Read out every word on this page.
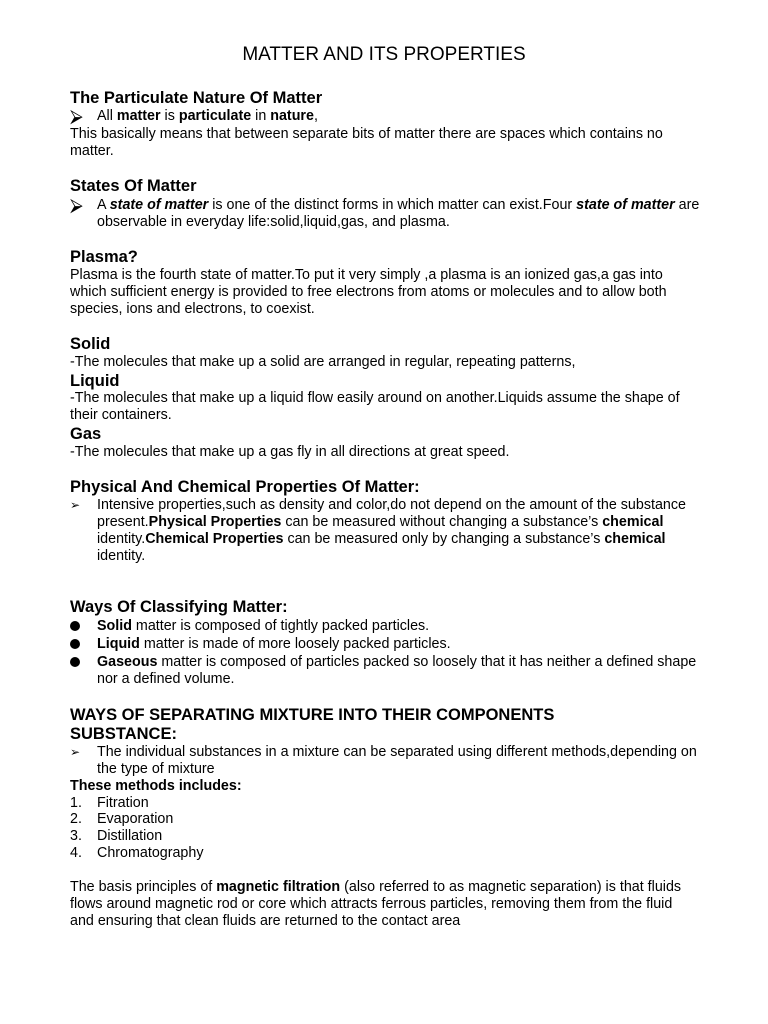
MATTER AND ITS PROPERTIES
The Particulate Nature Of Matter
⮚ All matter is particulate in nature,
This basically means that between separate bits of matter there are spaces which contains no matter.
States Of Matter
⮚ A state of matter is one of the distinct forms in which matter can exist.Four state of matter are observable in everyday life:solid,liquid,gas, and plasma.
Plasma?
Plasma is the fourth state of matter.To put it very simply ,a plasma is an ionized gas,a gas into which sufficient energy is provided to free electrons from atoms or molecules and to allow both species, ions and electrons, to coexist.
Solid
-The molecules that make up a solid are arranged in regular, repeating patterns,
Liquid
-The molecules that make up a liquid flow easily around on another.Liquids assume the shape of their containers.
Gas
-The molecules that make up a gas fly in all directions at great speed.
Physical And Chemical Properties Of Matter:
➢	Intensive properties,such as density and color,do not depend on the amount of the substance present.Physical Properties can be measured without changing a substance’s chemical identity.Chemical Properties can be measured only by changing a substance’s chemical identity.
Ways Of Classifying Matter:
Solid matter is composed of tightly packed particles.
Liquid matter is made of more loosely packed particles.
Gaseous matter is composed of particles packed so loosely that it has neither a defined shape nor a defined volume.
WAYS OF SEPARATING MIXTURE INTO THEIR COMPONENTS SUBSTANCE:
➢	The individual substances in a mixture can be separated using different methods,depending on the type of mixture
These methods includes:
1.	Fitration
2.	Evaporation
3.	Distillation
4.	Chromatography
The basis principles of magnetic filtration (also referred to as magnetic separation) is that fluids flows around magnetic rod or core which attracts ferrous particles, removing them from the fluid and ensuring that clean fluids are returned to the contact area
